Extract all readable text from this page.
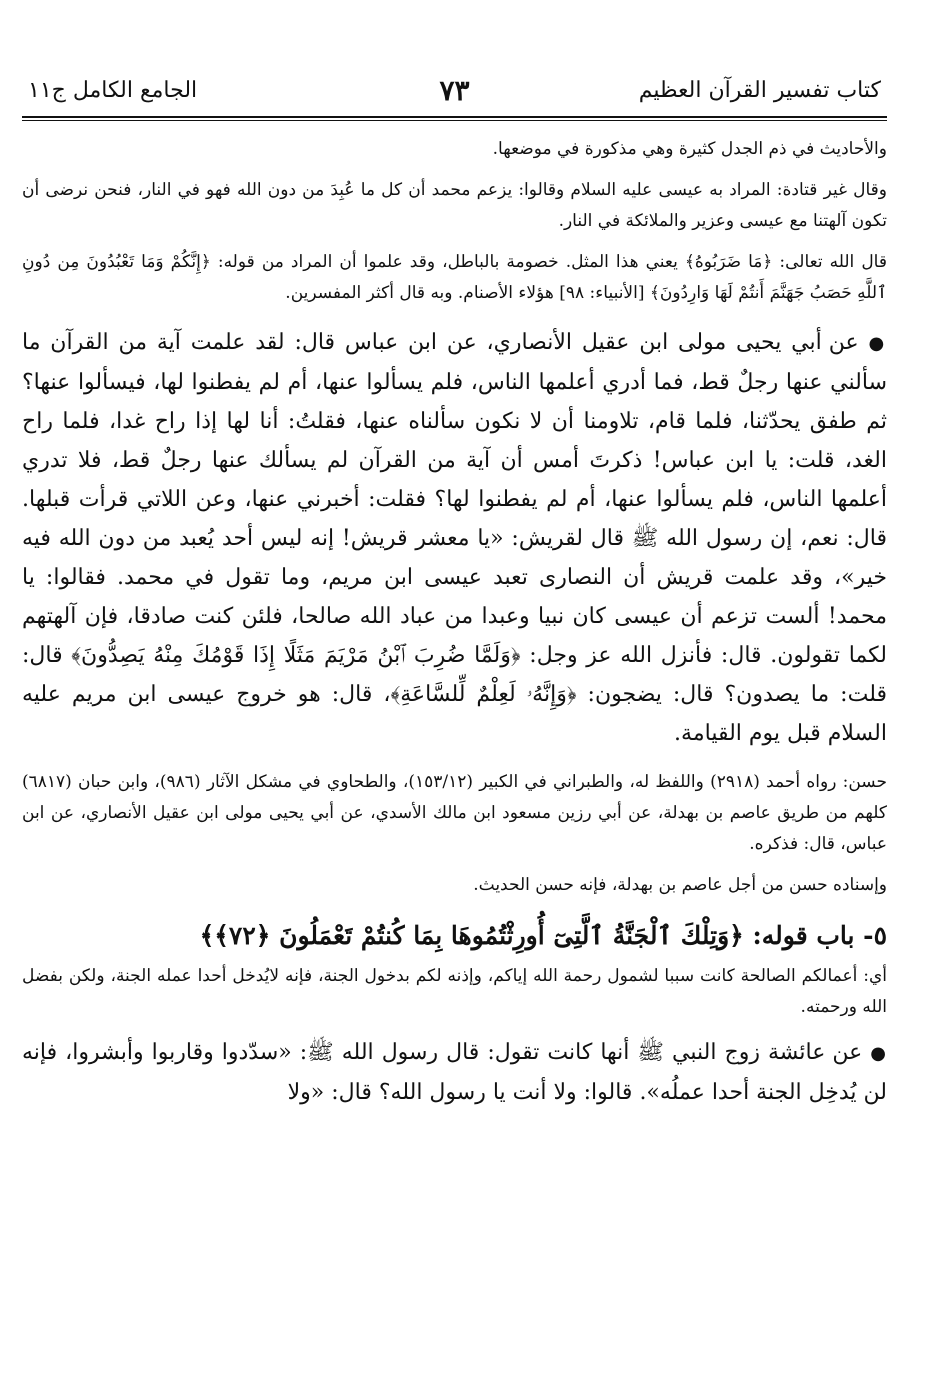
كتاب تفسير القرآن العظيم
٧٣
الجامع الكامل ج١١

والأحاديث في ذم الجدل كثيرة وهي مذكورة في موضعها.

وقال غير قتادة: المراد به عيسى عليه السلام وقالوا: يزعم محمد أن كل ما عُبِدَ من دون الله فهو في النار، فنحن نرضى أن تكون آلهتنا مع عيسى وعزير والملائكة في النار.

قال الله تعالى: ﴿مَا ضَرَبُوهُ﴾ يعني هذا المثل. خصومة بالباطل، وقد علموا أن المراد من قوله: ﴿إِنَّكُمْ وَمَا تَعْبُدُونَ مِن دُونِ ٱللَّهِ حَصَبُ جَهَنَّمَ أَنتُمْ لَهَا وَارِدُونَ﴾ [الأنبياء: ٩٨] هؤلاء الأصنام. وبه قال أكثر المفسرين.

● عن أبي يحيى مولى ابن عقيل الأنصاري، عن ابن عباس قال: لقد علمت آية من القرآن ما سألني عنها رجلٌ قط، فما أدري أعلمها الناس، فلم يسألوا عنها، أم لم يفطنوا لها، فيسألوا عنها؟ ثم طفق يحدّثنا، فلما قام، تلاومنا أن لا نكون سألناه عنها، فقلتُ: أنا لها إذا راح غدا، فلما راح الغد، قلت: يا ابن عباس! ذكرتَ أمس أن آية من القرآن لم يسألك عنها رجلٌ قط، فلا تدري أعلمها الناس، فلم يسألوا عنها، أم لم يفطنوا لها؟ فقلت: أخبرني عنها، وعن اللاتي قرأت قبلها. قال: نعم، إن رسول الله ﷺ قال لقريش: «يا معشر قريش! إنه ليس أحد يُعبد من دون الله فيه خير»، وقد علمت قريش أن النصارى تعبد عيسى ابن مريم، وما تقول في محمد. فقالوا: يا محمد! ألست تزعم أن عيسى كان نبيا وعبدا من عباد الله صالحا، فلئن كنت صادقا، فإن آلهتهم لكما تقولون. قال: فأنزل الله عز وجل: ﴿وَلَمَّا ضُرِبَ ٱبْنُ مَرْيَمَ مَثَلًا إِذَا قَوْمُكَ مِنْهُ يَصِدُّونَ﴾ قال: قلت: ما يصدون؟ قال: يضجون: ﴿وَإِنَّهُۥ لَعِلْمٌ لِّلسَّاعَةِ﴾، قال: هو خروج عيسى ابن مريم عليه السلام قبل يوم القيامة.

حسن: رواه أحمد (٢٩١٨) واللفظ له، والطبراني في الكبير (١٥٣/١٢)، والطحاوي في مشكل الآثار (٩٨٦)، وابن حبان (٦٨١٧) كلهم من طريق عاصم بن بهدلة، عن أبي رزين مسعود ابن مالك الأسدي، عن أبي يحيى مولى ابن عقيل الأنصاري، عن ابن عباس، قال: فذكره.

وإسناده حسن من أجل عاصم بن بهدلة، فإنه حسن الحديث.

٥- باب قوله: ﴿وَتِلْكَ ٱلْجَنَّةُ ٱلَّتِىٓ أُورِثْتُمُوهَا بِمَا كُنتُمْ تَعْمَلُونَ ﴿٧٢﴾﴾

أي: أعمالكم الصالحة كانت سببا لشمول رحمة الله إياكم، وإذنه لكم بدخول الجنة، فإنه لايُدخل أحدا عمله الجنة، ولكن بفضل الله ورحمته.

● عن عائشة زوج النبي ﷺ أنها كانت تقول: قال رسول الله ﷺ: «سدّدوا وقاربوا وأبشروا، فإنه لن يُدخِل الجنة أحدا عملُه». قالوا: ولا أنت يا رسول الله؟ قال: «ولا
